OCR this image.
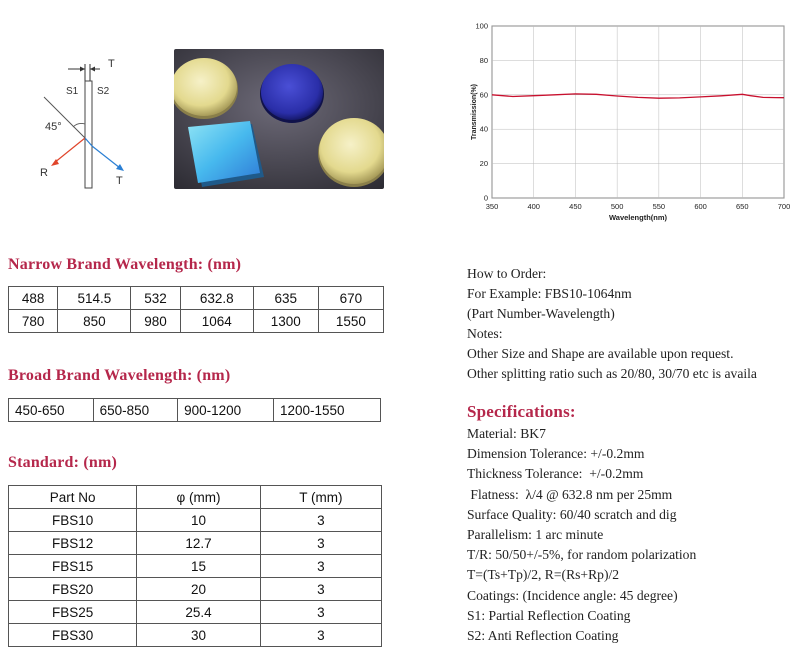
T
S1 S2
45°
R
T
350	400	450	500	550	600	650	700
0
20
40
60
80
100
Wavelength(nm)
Transmission(%)
Narrow Brand Wavelength: (nm)
488	514.5	532	632.8	635	670
780	850	980	1064	1300	1550
Broad Brand Wavelength: (nm)
450-650	650-850	900-1200	1200-1550
Standard: (nm)
Part No	φ (mm)	T (mm)
FBS10	10	3
FBS12	12.7	3
FBS15	15	3
FBS20	20	3
FBS25	25.4	3
FBS30	30	3
How to Order:
For Example: FBS10-1064nm
(Part Number-Wavelength)
Notes:
Other Size and Shape are available upon request.
Other splitting ratio such as 20/80, 30/70 etc is availa
Specifications:
Material: BK7
Dimension Tolerance: +/-0.2mm
Thickness Tolerance:  +/-0.2mm
Flatness:  λ/4 @ 632.8 nm per 25mm
Surface Quality: 60/40 scratch and dig
Parallelism: 1 arc minute
T/R: 50/50+/-5%, for random polarization
T=(Ts+Tp)/2, R=(Rs+Rp)/2
Coatings: (Incidence angle: 45 degree)
S1: Partial Reflection Coating
S2: Anti Reflection Coating
